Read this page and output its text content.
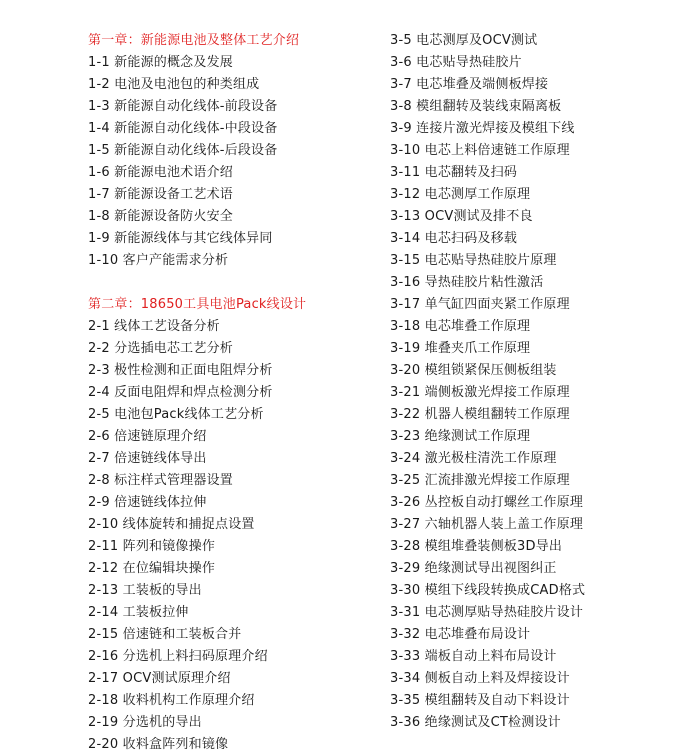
第一章：新能源电池及整体工艺介绍
1-1 新能源的概念及发展
1-2 电池及电池包的种类组成
1-3 新能源自动化线体-前段设备
1-4 新能源自动化线体-中段设备
1-5 新能源自动化线体-后段设备
1-6 新能源电池术语介绍
1-7 新能源设备工艺术语
1-8 新能源设备防火安全
1-9 新能源线体与其它线体异同
1-10 客户产能需求分析
第二章：18650工具电池Pack线设计
2-1 线体工艺设备分析
2-2 分选插电芯工艺分析
2-3 极性检测和正面电阻焊分析
2-4 反面电阻焊和焊点检测分析
2-5 电池包Pack线体工艺分析
2-6 倍速链原理介绍
2-7 倍速链线体导出
2-8 标注样式管理器设置
2-9 倍速链线体拉伸
2-10 线体旋转和捕捉点设置
2-11 阵列和镜像操作
2-12 在位编辑块操作
2-13 工装板的导出
2-14 工装板拉伸
2-15 倍速链和工装板合并
2-16 分选机上料扫码原理介绍
2-17 OCV测试原理介绍
2-18 收料机构工作原理介绍
2-19 分选机的导出
2-20 收料盒阵列和镜像
3-5 电芯测厚及OCV测试
3-6 电芯贴导热硅胶片
3-7 电芯堆叠及端侧板焊接
3-8 模组翻转及装线束隔离板
3-9 连接片激光焊接及模组下线
3-10 电芯上料倍速链工作原理
3-11 电芯翻转及扫码
3-12 电芯测厚工作原理
3-13 OCV测试及排不良
3-14 电芯扫码及移载
3-15 电芯贴导热硅胶片原理
3-16 导热硅胶片粘性激活
3-17 单气缸四面夹紧工作原理
3-18 电芯堆叠工作原理
3-19 堆叠夹爪工作原理
3-20 模组锁紧保压侧板组装
3-21 端侧板激光焊接工作原理
3-22 机器人模组翻转工作原理
3-23 绝缘测试工作原理
3-24 激光极柱清洗工作原理
3-25 汇流排激光焊接工作原理
3-26 丛控板自动打螺丝工作原理
3-27 六轴机器人装上盖工作原理
3-28 模组堆叠装侧板3D导出
3-29 绝缘测试导出视图纠正
3-30 模组下线段转换成CAD格式
3-31 电芯测厚贴导热硅胶片设计
3-32 电芯堆叠布局设计
3-33 端板自动上料布局设计
3-34 侧板自动上料及焊接设计
3-35 模组翻转及自动下料设计
3-36 绝缘测试及CT检测设计
